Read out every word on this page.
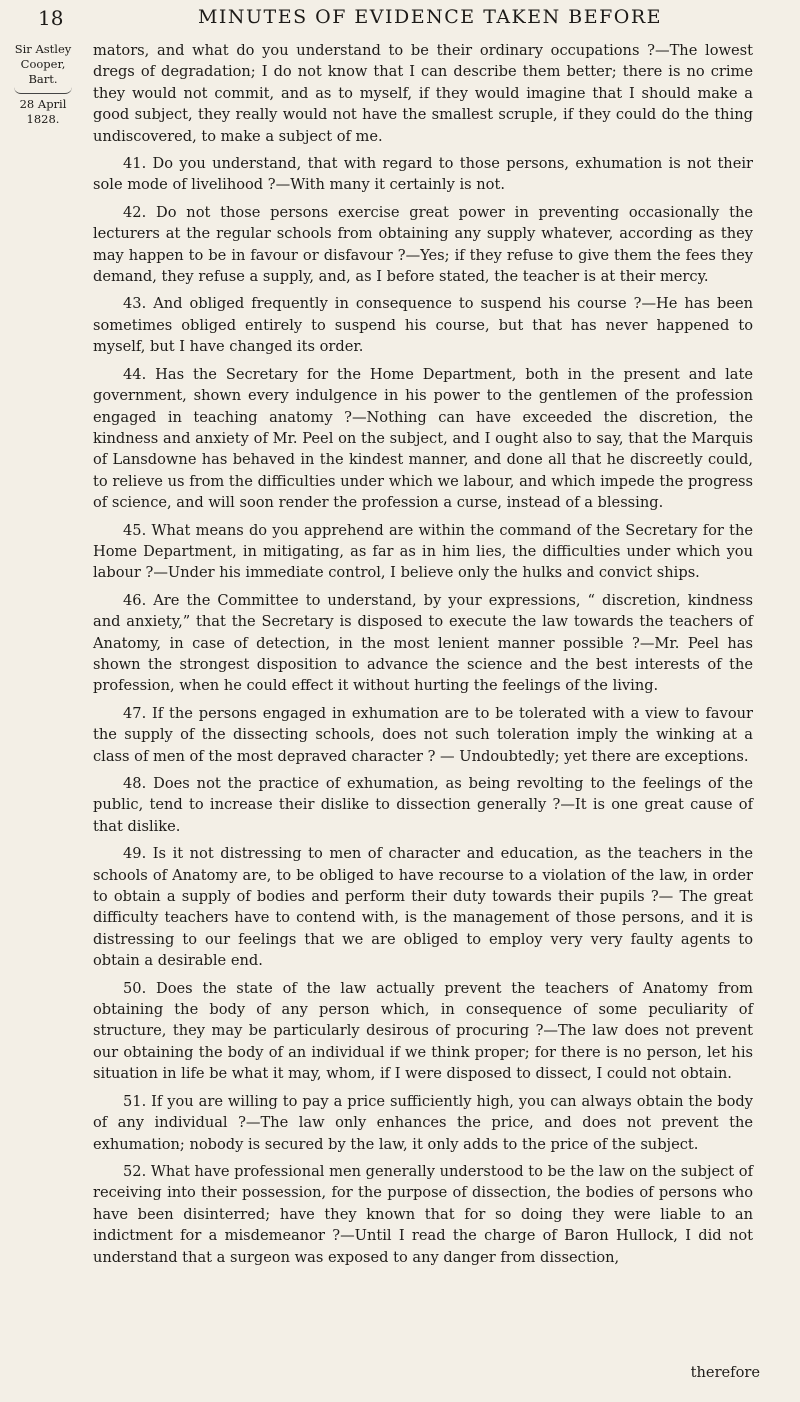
18	MINUTES OF EVIDENCE TAKEN BEFORE
Sir Astley Cooper,
Bart.
28 April
1828.

mators, and what do you understand to be their ordinary occupations ?—The lowest dregs of degradation; I do not know that I can describe them better; there is no crime they would not commit, and as to myself, if they would imagine that I should make a good subject, they really would not have the smallest scruple, if they could do the thing undiscovered, to make a subject of me.

41. Do you understand, that with regard to those persons, exhumation is not their sole mode of livelihood ?—With many it certainly is not.

42. Do not those persons exercise great power in preventing occasionally the lecturers at the regular schools from obtaining any supply whatever, according as they may happen to be in favour or disfavour ?—Yes; if they refuse to give them the fees they demand, they refuse a supply, and, as I before stated, the teacher is at their mercy.

43. And obliged frequently in consequence to suspend his course ?—He has been sometimes obliged entirely to suspend his course, but that has never happened to myself, but I have changed its order.

44. Has the Secretary for the Home Department, both in the present and late government, shown every indulgence in his power to the gentlemen of the profession engaged in teaching anatomy ?—Nothing can have exceeded the discretion, the kindness and anxiety of Mr. Peel on the subject, and I ought also to say, that the Marquis of Lansdowne has behaved in the kindest manner, and done all that he discreetly could, to relieve us from the difficulties under which we labour, and which impede the progress of science, and will soon render the profession a curse, instead of a blessing.

45. What means do you apprehend are within the command of the Secretary for the Home Department, in mitigating, as far as in him lies, the difficulties under which you labour ?—Under his immediate control, I believe only the hulks and convict ships.

46. Are the Committee to understand, by your expressions, “ discretion, kindness and anxiety,” that the Secretary is disposed to execute the law towards the teachers of Anatomy, in case of detection, in the most lenient manner possible ?—Mr. Peel has shown the strongest disposition to advance the science and the best interests of the profession, when he could effect it without hurting the feelings of the living.

47. If the persons engaged in exhumation are to be tolerated with a view to favour the supply of the dissecting schools, does not such toleration imply the winking at a class of men of the most depraved character ? — Undoubtedly; yet there are exceptions.

48. Does not the practice of exhumation, as being revolting to the feelings of the public, tend to increase their dislike to dissection generally ?—It is one great cause of that dislike.

49. Is it not distressing to men of character and education, as the teachers in the schools of Anatomy are, to be obliged to have recourse to a violation of the law, in order to obtain a supply of bodies and perform their duty towards their pupils ?— The great difficulty teachers have to contend with, is the management of those persons, and it is distressing to our feelings that we are obliged to employ very very faulty agents to obtain a desirable end.

50. Does the state of the law actually prevent the teachers of Anatomy from obtaining the body of any person which, in consequence of some peculiarity of structure, they may be particularly desirous of procuring ?—The law does not prevent our obtaining the body of an individual if we think proper; for there is no person, let his situation in life be what it may, whom, if I were disposed to dissect, I could not obtain.

51. If you are willing to pay a price sufficiently high, you can always obtain the body of any individual ?—The law only enhances the price, and does not prevent the exhumation; nobody is secured by the law, it only adds to the price of the subject.

52. What have professional men generally understood to be the law on the subject of receiving into their possession, for the purpose of dissection, the bodies of persons who have been disinterred; have they known that for so doing they were liable to an indictment for a misdemeanor ?—Until I read the charge of Baron Hullock, I did not understand that a surgeon was exposed to any danger from dissection,

therefore
